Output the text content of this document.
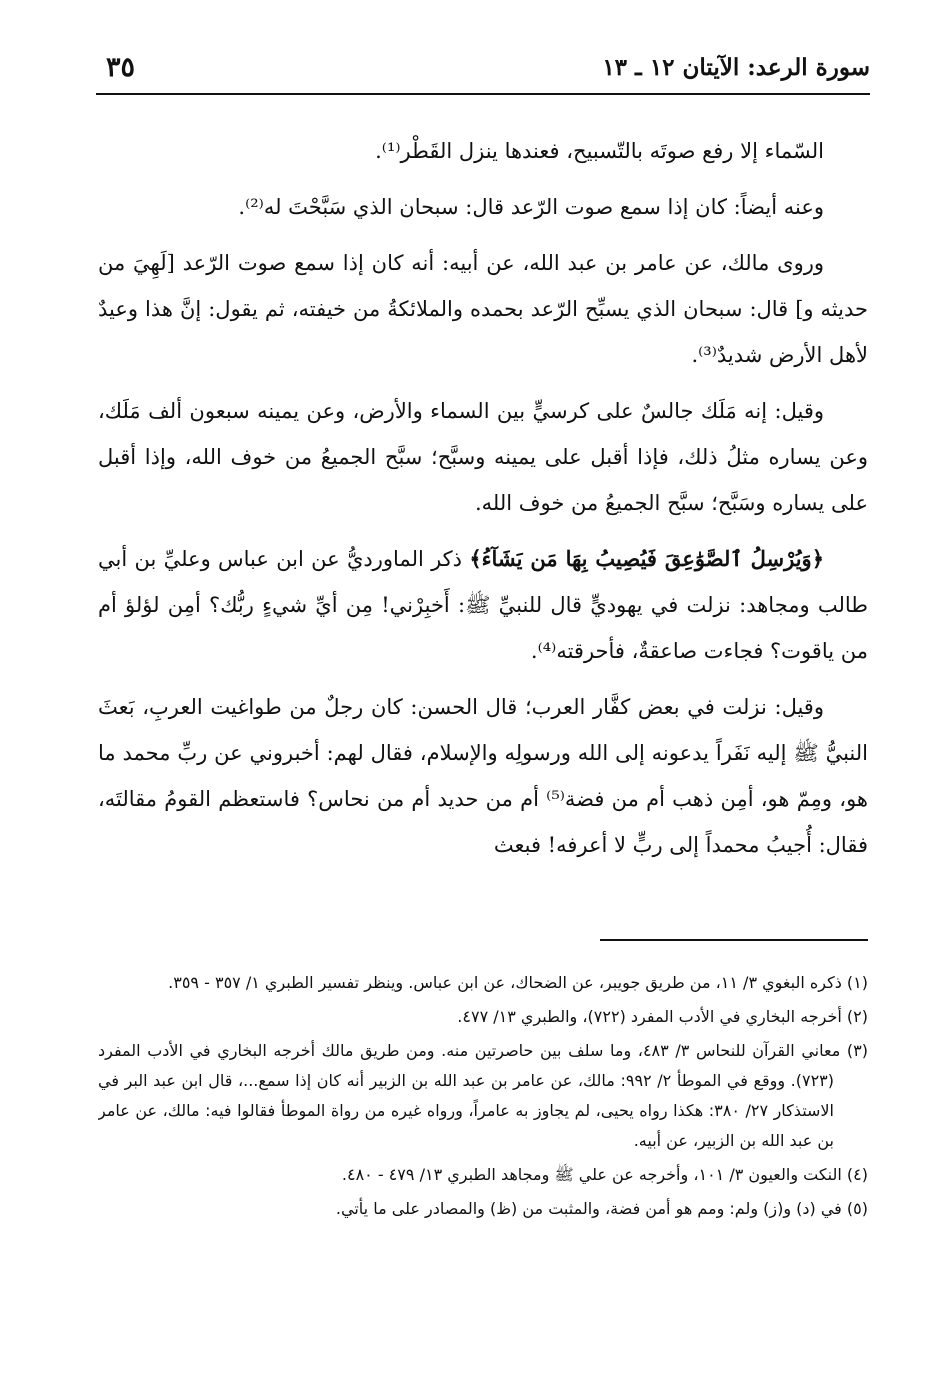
سورة الرعد: الآيتان ١٢ ـ ١٣
٣٥

السّماء إلا رفع صوتَه بالتّسبيح، فعندها ينزل القَطْر⁽¹⁾.

وعنه أيضاً: كان إذا سمع صوت الرّعد قال: سبحان الذي سَبَّحْتَ له⁽²⁾.

وروى مالك، عن عامر بن عبد الله، عن أبيه: أنه كان إذا سمع صوت الرّعد [لَهِيَ من حديثه و] قال: سبحان الذي يسبِّح الرّعد بحمده والملائكةُ من خيفته، ثم يقول: إنَّ هذا وعيدٌ لأهل الأرض شديدٌ⁽³⁾.

وقيل: إنه مَلَك جالسٌ على كرسيٍّ بين السماء والأرض، وعن يمينه سبعون ألف مَلَك، وعن يساره مثلُ ذلك، فإذا أقبل على يمينه وسبَّح؛ سبَّح الجميعُ من خوف الله، وإذا أقبل على يساره وسَبَّح؛ سبَّح الجميعُ من خوف الله.

﴿وَيُرْسِلُ ٱلصَّوَٰعِقَ فَيُصِيبُ بِهَا مَن يَشَآءُ﴾ ذكر الماورديُّ عن ابن عباس وعليِّ بن أبي طالب ومجاهد: نزلت في يهوديٍّ قال للنبيِّ ﷺ: أَخبِرْني! مِن أيِّ شيءٍ ربُّك؟ أمِن لؤلؤ أم من ياقوت؟ فجاءت صاعقةٌ، فأحرقته⁽⁴⁾.

وقيل: نزلت في بعض كفَّار العرب؛ قال الحسن: كان رجلٌ من طواغيت العربِ، بَعثَ النبيُّ ﷺ إليه نَفَراً يدعونه إلى الله ورسولِه والإسلام، فقال لهم: أخبروني عن ربِّ محمد ما هو، ومِمّ هو، أمِن ذهب أم من فضة⁽⁵⁾ أم من حديد أم من نحاس؟ فاستعظم القومُ مقالتَه، فقال: أُجيبُ محمداً إلى ربٍّ لا أعرفه! فبعث

(١) ذكره البغوي ٣/ ١١، من طريق جويبر، عن الضحاك، عن ابن عباس. وينظر تفسير الطبري ١/ ٣٥٧ - ٣٥٩.

(٢) أخرجه البخاري في الأدب المفرد (٧٢٢)، والطبري ١٣/ ٤٧٧.

(٣) معاني القرآن للنحاس ٣/ ٤٨٣، وما سلف بين حاصرتين منه. ومن طريق مالك أخرجه البخاري في الأدب المفرد (٧٢٣). ووقع في الموطأ ٢/ ٩٩٢: مالك، عن عامر بن عبد الله بن الزبير أنه كان إذا سمع...، قال ابن عبد البر في الاستذكار ٢٧/ ٣٨٠: هكذا رواه يحيى، لم يجاوز به عامراً، ورواه غيره من رواة الموطأ فقالوا فيه: مالك، عن عامر بن عبد الله بن الزبير، عن أبيه.

(٤) النكت والعيون ٣/ ١٠١، وأخرجه عن علي ﷺ ومجاهد الطبري ١٣/ ٤٧٩ - ٤٨٠.

(٥) في (د) و(ز) ولم: ومم هو أمن فضة، والمثبت من (ظ) والمصادر على ما يأتي.
